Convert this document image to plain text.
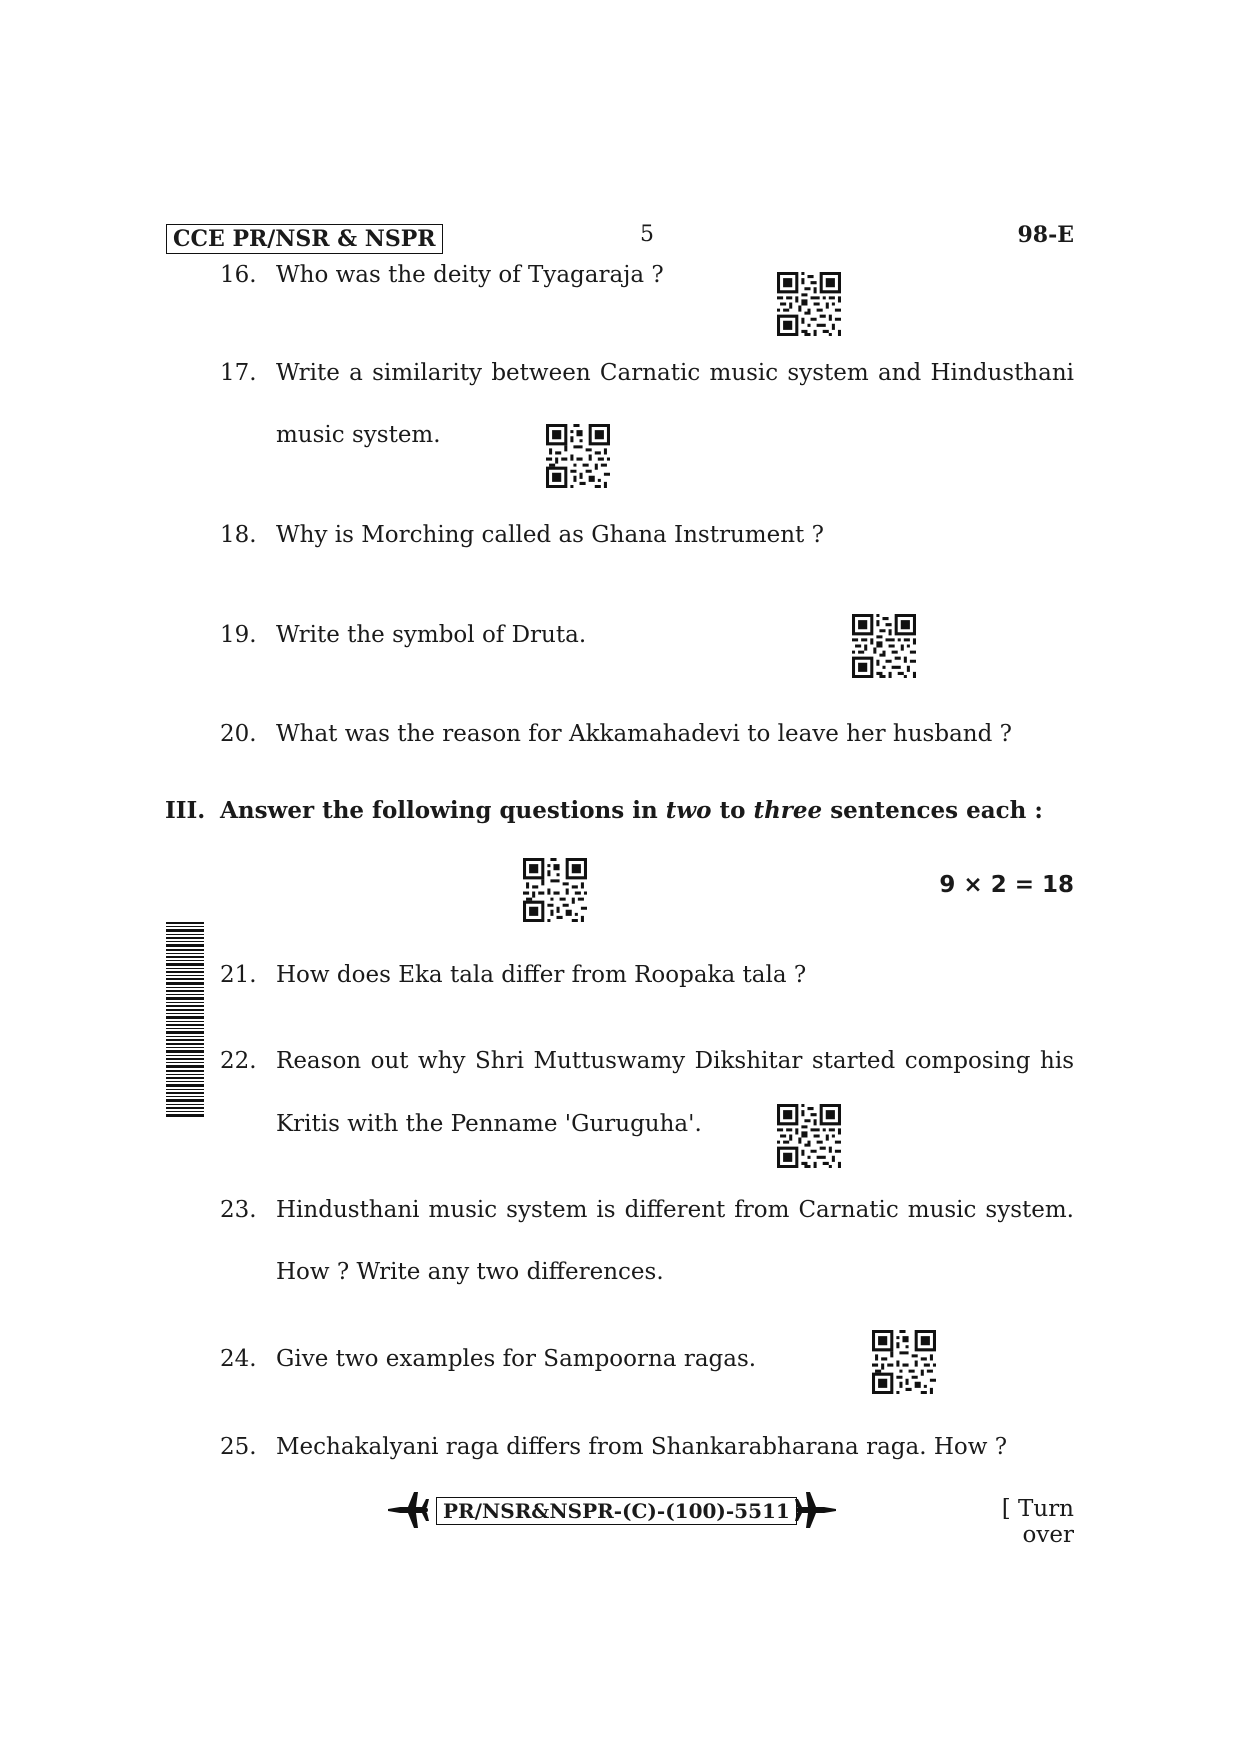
CCE PR/NSR & NSPR	5	98-E
16. Who was the deity of Tyagaraja ?
17. Write a similarity between Carnatic music system and Hindusthani
music system.
18. Why is Morching called as Ghana Instrument ?
19. Write the symbol of Druta.
20. What was the reason for Akkamahadevi to leave her husband ?
III. Answer the following questions in two to three sentences each :
9 × 2 = 18
21. How does Eka tala differ from Roopaka tala ?
22. Reason out why Shri Muttuswamy Dikshitar started composing his
Kritis with the Penname 'Guruguha'.
23. Hindusthani music system is different from Carnatic music system.
How ? Write any two differences.
24. Give two examples for Sampoorna ragas.
25. Mechakalyani raga differs from Shankarabharana raga. How ?
PR/NSR&NSPR-(C)-(100)-5511	[ Turn over
